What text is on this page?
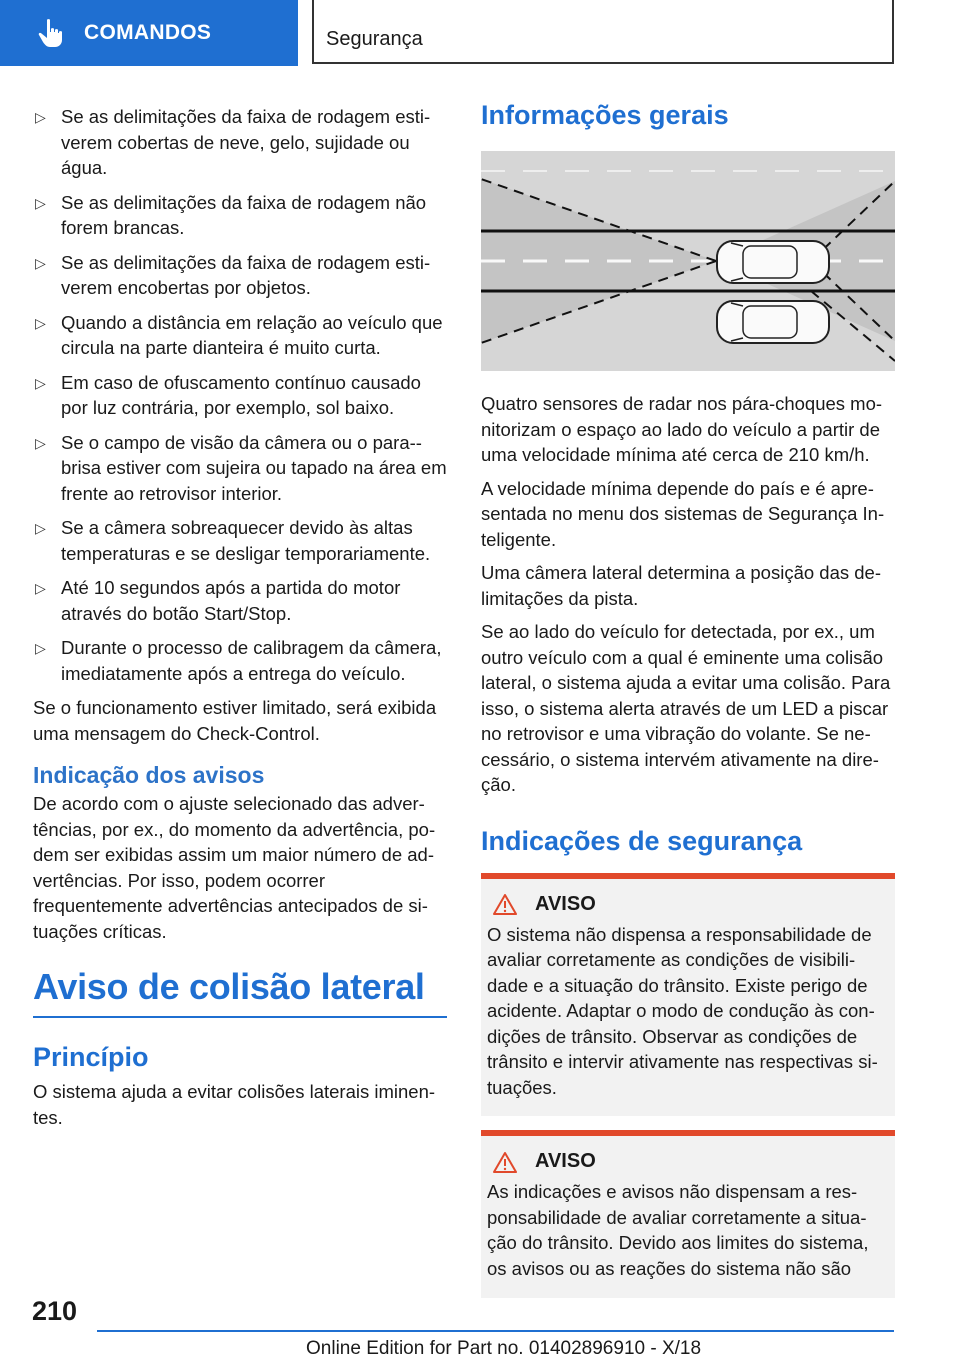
COMANDOS	Segurança
▷ Se as delimitações da faixa de rodagem estiverem cobertas de neve, gelo, sujidade ou água.
▷ Se as delimitações da faixa de rodagem não forem brancas.
▷ Se as delimitações da faixa de rodagem estiverem encobertas por objetos.
▷ Quando a distância em relação ao veículo que circula na parte dianteira é muito curta.
▷ Em caso de ofuscamento contínuo causado por luz contrária, por exemplo, sol baixo.
▷ Se o campo de visão da câmera ou o para-brisa estiver com sujeira ou tapado na área em frente ao retrovisor interior.
▷ Se a câmera sobreaquecer devido às altas temperaturas e se desligar temporariamente.
▷ Até 10 segundos após a partida do motor através do botão Start/Stop.
▷ Durante o processo de calibragem da câmera, imediatamente após a entrega do veículo.

Se o funcionamento estiver limitado, será exibida uma mensagem do Check-Control.

Indicação dos avisos

De acordo com o ajuste selecionado das advertências, por ex., do momento da advertência, podem ser exibidas assim um maior número de advertências. Por isso, podem ocorrer frequentemente advertências antecipados de situações críticas.

Aviso de colisão lateral
Princípio

O sistema ajuda a evitar colisões laterais iminentes.

Informações gerais

Quatro sensores de radar nos pára-choques monitorizam o espaço ao lado do veículo a partir de uma velocidade mínima até cerca de 210 km/h.

A velocidade mínima depende do país e é apresentada no menu dos sistemas de Segurança Inteligente.

Uma câmera lateral determina a posição das delimitações da pista.

Se ao lado do veículo for detectada, por ex., um outro veículo com a qual é eminente uma colisão lateral, o sistema ajuda a evitar uma colisão. Para isso, o sistema alerta através de um LED a piscar no retrovisor e uma vibração do volante. Se necessário, o sistema intervém ativamente na direção.

Indicações de segurança
AVISO

O sistema não dispensa a responsabilidade de avaliar corretamente as condições de visibilidade e a situação do trânsito. Existe perigo de acidente. Adaptar o modo de condução às condições de trânsito. Observar as condições de trânsito e intervir ativamente nas respectivas situações.

AVISO

As indicações e avisos não dispensam a responsabilidade de avaliar corretamente a situação do trânsito. Devido aos limites do sistema, os avisos ou as reações do sistema não são

210
Online Edition for Part no. 01402896910 - X/18
